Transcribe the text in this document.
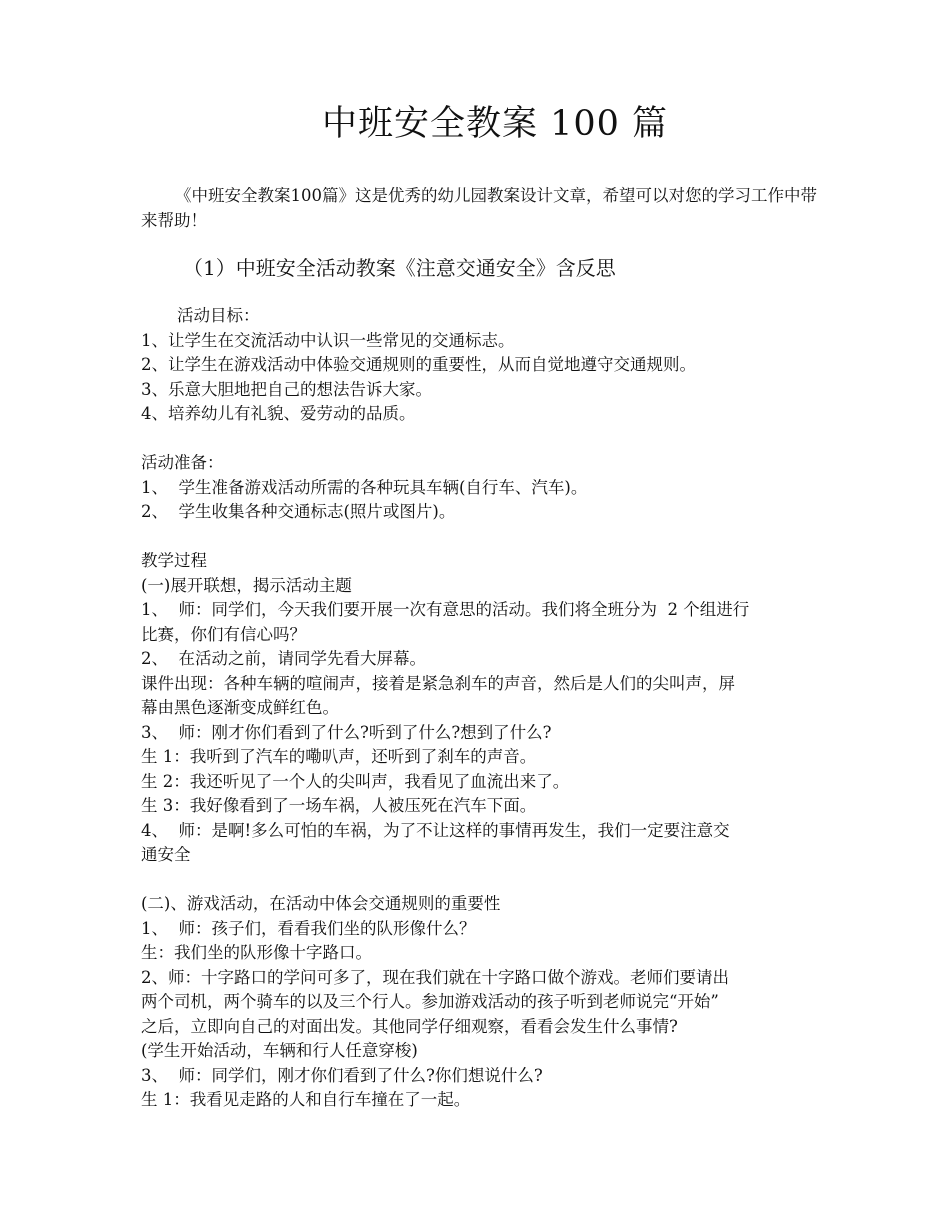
中班安全教案 100 篇
《中班安全教案100篇》这是优秀的幼儿园教案设计文章，希望可以对您的学习工作中带来帮助！
（1）中班安全活动教案《注意交通安全》含反思
活动目标：
1、让学生在交流活动中认识一些常见的交通标志。
2、让学生在游戏活动中体验交通规则的重要性，从而自觉地遵守交通规则。
3、乐意大胆地把自己的想法告诉大家。
4、培养幼儿有礼貌、爱劳动的品质。
活动准备：
1、  学生准备游戏活动所需的各种玩具车辆(自行车、汽车)。
2、  学生收集各种交通标志(照片或图片)。
教学过程
(一)展开联想，揭示活动主题
1、  师：同学们，今天我们要开展一次有意思的活动。我们将全班分为  2 个组进行
比赛，你们有信心吗？
2、  在活动之前，请同学先看大屏幕。
课件出现：各种车辆的喧闹声，接着是紧急刹车的声音，然后是人们的尖叫声，屏
幕由黑色逐渐变成鲜红色。
3、  师：刚才你们看到了什么?听到了什么?想到了什么?
生 1：我听到了汽车的嘞叭声，还听到了刹车的声音。
生 2：我还听见了一个人的尖叫声，我看见了血流出来了。
生 3：我好像看到了一场车祸，人被压死在汽车下面。
4、  师：是啊!多么可怕的车祸，为了不让这样的事情再发生，我们一定要注意交
通安全
(二)、游戏活动，在活动中体会交通规则的重要性
1、  师：孩子们，看看我们坐的队形像什么？
生：我们坐的队形像十字路口。
2、师：十字路口的学问可多了，现在我们就在十字路口做个游戏。老师们要请出
两个司机，两个骑车的以及三个行人。参加游戏活动的孩子听到老师说完“开始”
之后，立即向自己的对面出发。其他同学仔细观察，看看会发生什么事情?
(学生开始活动，车辆和行人任意穿梭)
3、  师：同学们，刚才你们看到了什么?你们想说什么?
生 1：我看见走路的人和自行车撞在了一起。
